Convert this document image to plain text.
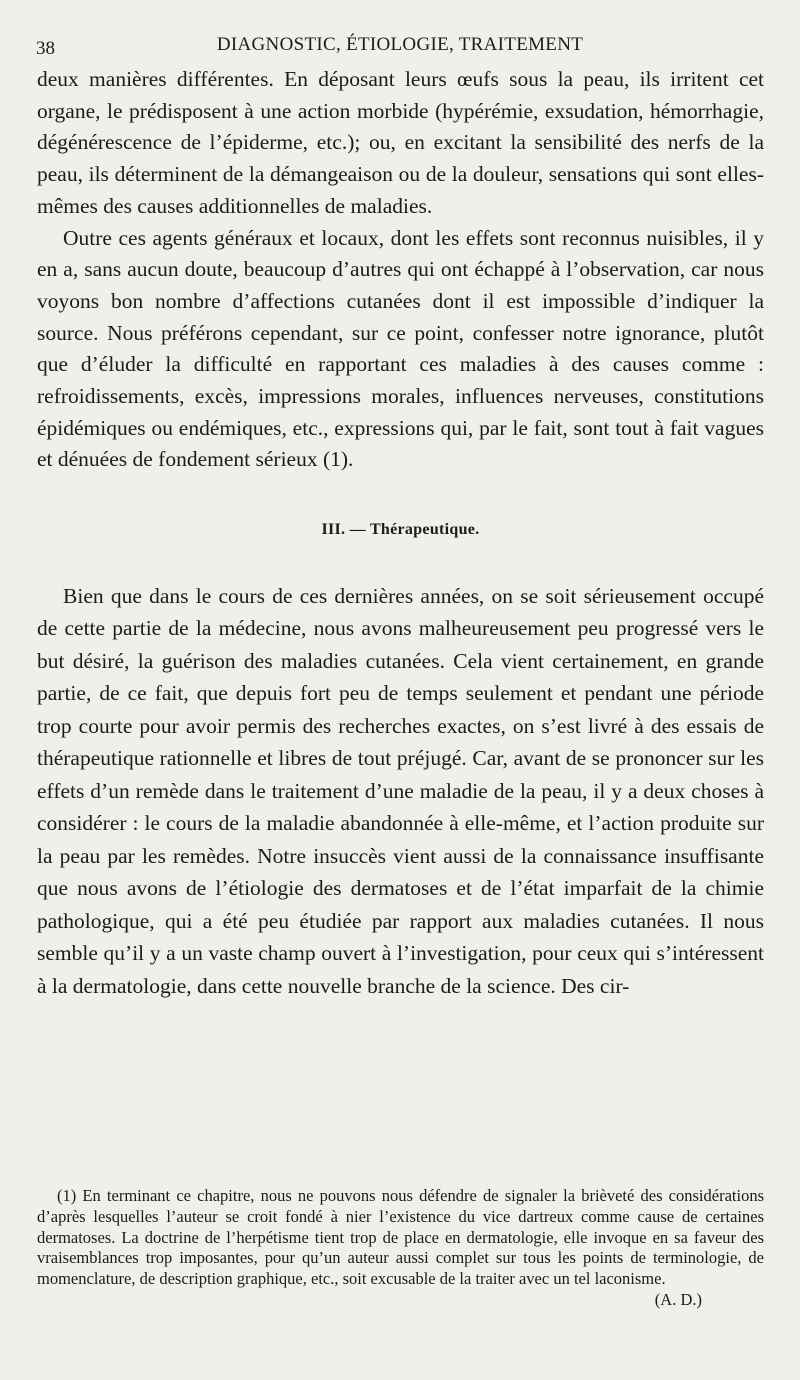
38	DIAGNOSTIC, ÉTIOLOGIE, TRAITEMENT

deux manières différentes. En déposant leurs œufs sous la peau, ils irritent cet organe, le prédisposent à une action morbide (hypérémie, exsudation, hémorrhagie, dégénérescence de l’épiderme, etc.); ou, en excitant la sensibilité des nerfs de la peau, ils déterminent de la démangeaison ou de la douleur, sensations qui sont elles-mêmes des causes additionnelles de maladies.

Outre ces agents généraux et locaux, dont les effets sont reconnus nuisibles, il y en a, sans aucun doute, beaucoup d’autres qui ont échappé à l’observation, car nous voyons bon nombre d’affections cutanées dont il est impossible d’indiquer la source. Nous préférons cependant, sur ce point, confesser notre ignorance, plutôt que d’éluder la difficulté en rapportant ces maladies à des causes comme : refroidissements, excès, impressions morales, influences nerveuses, constitutions épidémiques ou endémiques, etc., expressions qui, par le fait, sont tout à fait vagues et dénuées de fondement sérieux (1).

III. — Thérapeutique.

Bien que dans le cours de ces dernières années, on se soit sérieusement occupé de cette partie de la médecine, nous avons malheureusement peu progressé vers le but désiré, la guérison des maladies cutanées. Cela vient certainement, en grande partie, de ce fait, que depuis fort peu de temps seulement et pendant une période trop courte pour avoir permis des recherches exactes, on s’est livré à des essais de thérapeutique rationnelle et libres de tout préjugé. Car, avant de se prononcer sur les effets d’un remède dans le traitement d’une maladie de la peau, il y a deux choses à considérer : le cours de la maladie abandonnée à elle-même, et l’action produite sur la peau par les remèdes. Notre insuccès vient aussi de la connaissance insuffisante que nous avons de l’étiologie des dermatoses et de l’état imparfait de la chimie pathologique, qui a été peu étudiée par rapport aux maladies cutanées. Il nous semble qu’il y a un vaste champ ouvert à l’investigation, pour ceux qui s’intéressent à la dermatologie, dans cette nouvelle branche de la science. Des cir-

(1) En terminant ce chapitre, nous ne pouvons nous défendre de signaler la brièveté des considérations d’après lesquelles l’auteur se croit fondé à nier l’existence du vice dartreux comme cause de certaines dermatoses. La doctrine de l’herpétisme tient trop de place en dermatologie, elle invoque en sa faveur des vraisemblances trop imposantes, pour qu’un auteur aussi complet sur tous les points de terminologie, de momenclature, de description graphique, etc., soit excusable de la traiter avec un tel laconisme.

(A. D.)
